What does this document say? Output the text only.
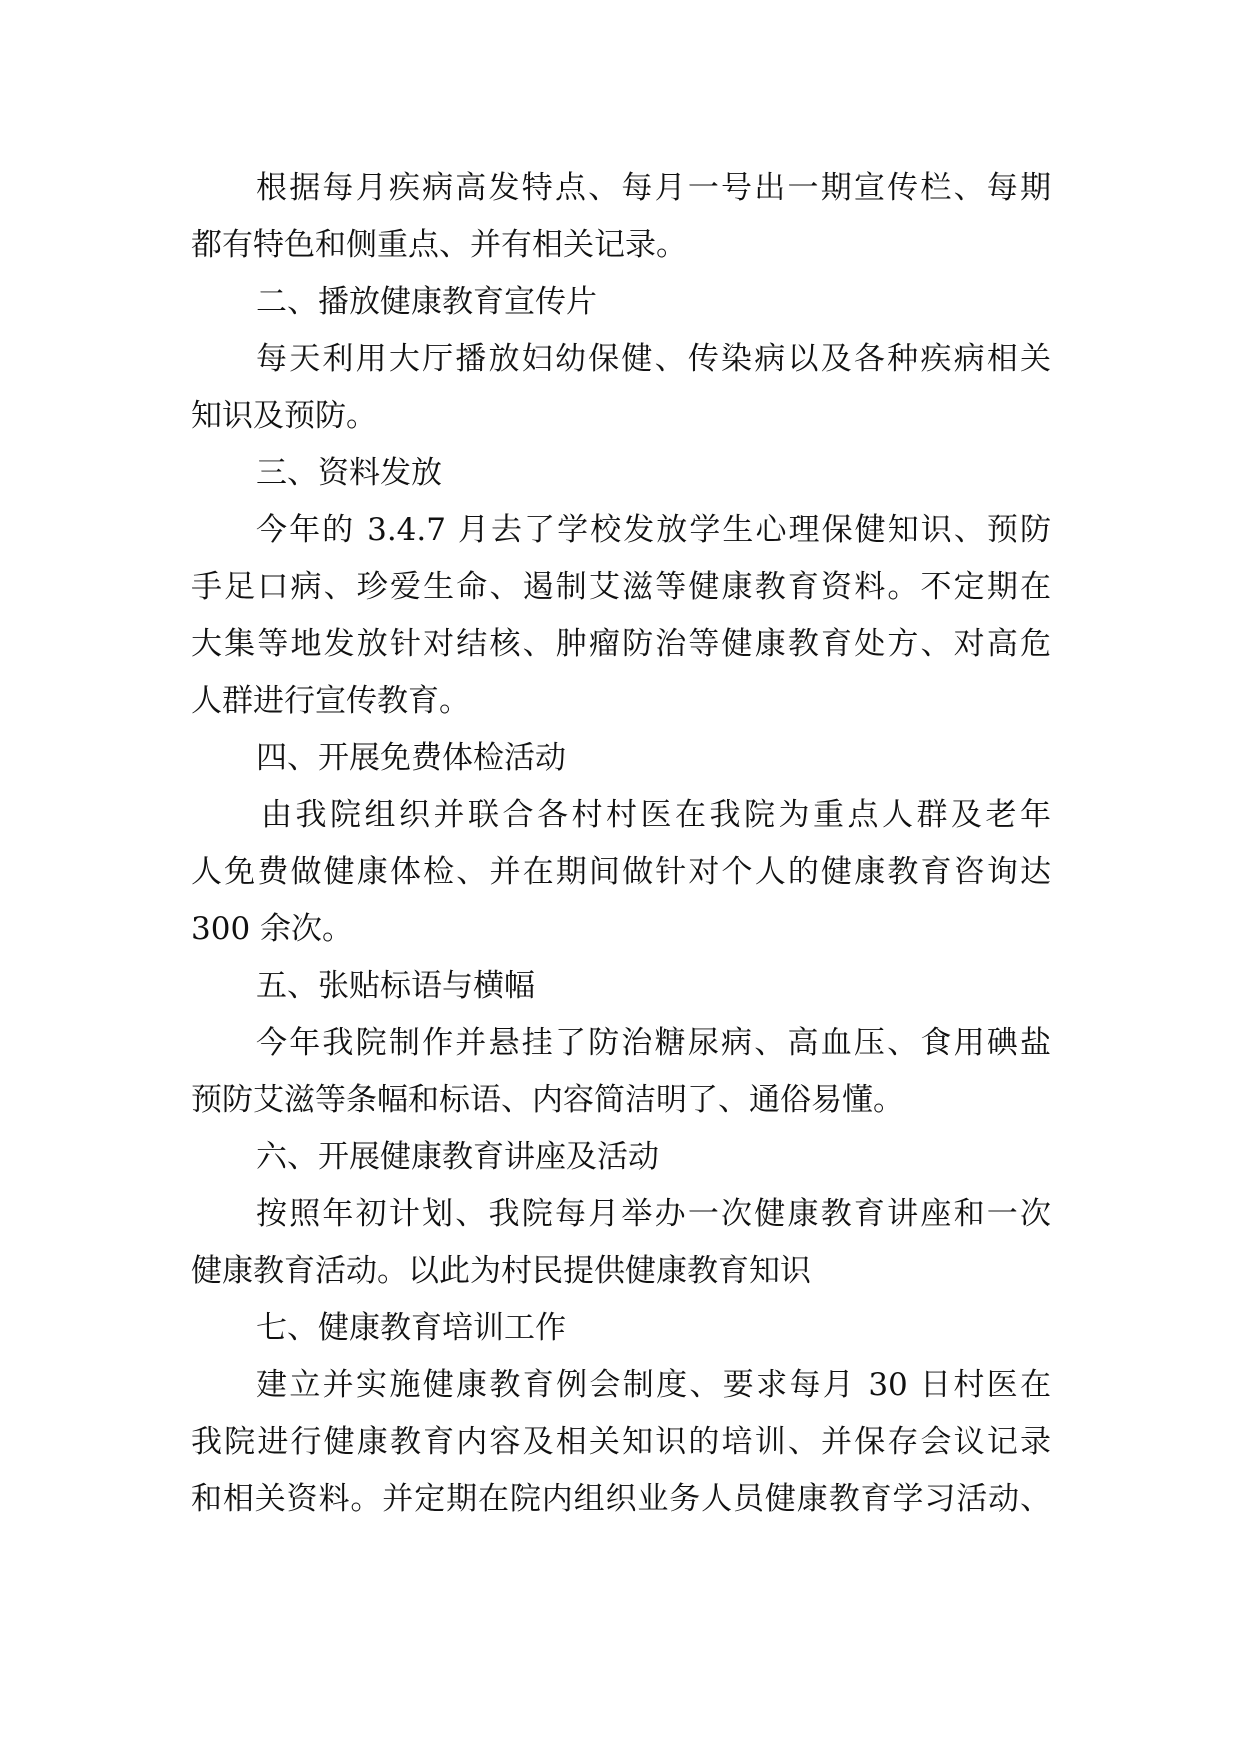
根据每月疾病高发特点、每月一号出一期宣传栏、每期
都有特色和侧重点、并有相关记录。
二、播放健康教育宣传片
每天利用大厅播放妇幼保健、传染病以及各种疾病相关
知识及预防。
三、资料发放
今年的 3.4.7 月去了学校发放学生心理保健知识、预防
手足口病、珍爱生命、遏制艾滋等健康教育资料。不定期在
大集等地发放针对结核、肿瘤防治等健康教育处方、对高危
人群进行宣传教育。
四、开展免费体检活动
由我院组织并联合各村村医在我院为重点人群及老年
人免费做健康体检、并在期间做针对个人的健康教育咨询达
300 余次。
五、张贴标语与横幅
今年我院制作并悬挂了防治糖尿病、高血压、食用碘盐
预防艾滋等条幅和标语、内容简洁明了、通俗易懂。
六、开展健康教育讲座及活动
按照年初计划、我院每月举办一次健康教育讲座和一次
健康教育活动。以此为村民提供健康教育知识
七、健康教育培训工作
建立并实施健康教育例会制度、要求每月 30 日村医在
我院进行健康教育内容及相关知识的培训、并保存会议记录
和相关资料。并定期在院内组织业务人员健康教育学习活动、
